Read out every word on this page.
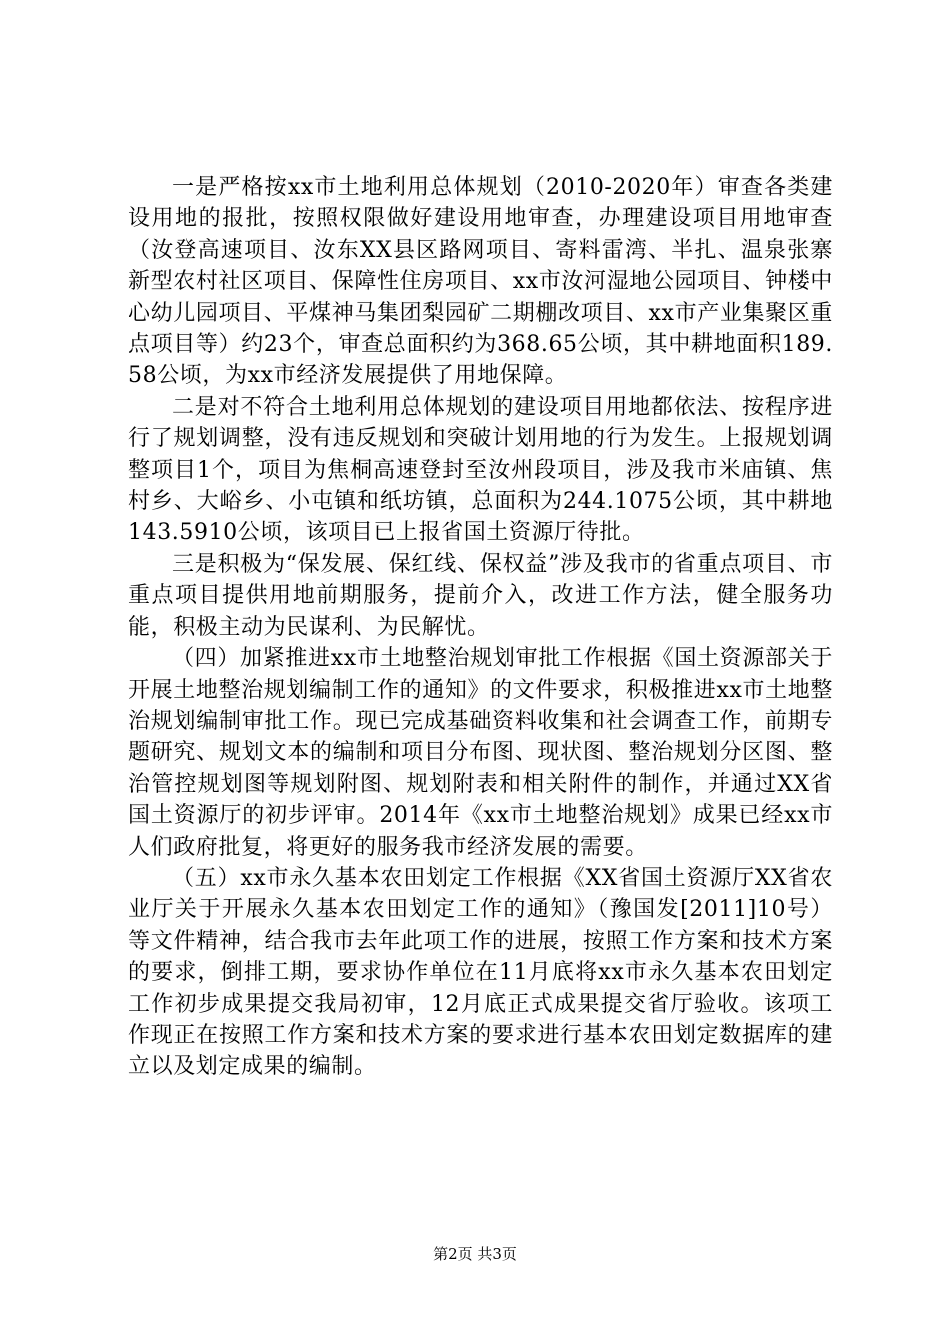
一是严格按xx市土地利用总体规划（2010-2020年）审查各类建设用地的报批，按照权限做好建设用地审查，办理建设项目用地审查（汝登高速项目、汝东XX县区路网项目、寄料雷湾、半扎、温泉张寨新型农村社区项目、保障性住房项目、xx市汝河湿地公园项目、钟楼中心幼儿园项目、平煤神马集团梨园矿二期棚改项目、xx市产业集聚区重点项目等）约23个，审查总面积约为368.65公顷，其中耕地面积189.58公顷，为xx市经济发展提供了用地保障。

二是对不符合土地利用总体规划的建设项目用地都依法、按程序进行了规划调整，没有违反规划和突破计划用地的行为发生。上报规划调整项目1个，项目为焦桐高速登封至汝州段项目，涉及我市米庙镇、焦村乡、大峪乡、小屯镇和纸坊镇，总面积为244.1075公顷，其中耕地143.5910公顷，该项目已上报省国土资源厅待批。

三是积极为“保发展、保红线、保权益”涉及我市的省重点项目、市重点项目提供用地前期服务，提前介入，改进工作方法，健全服务功能，积极主动为民谋利、为民解忧。

（四）加紧推进xx市土地整治规划审批工作根据《国土资源部关于开展土地整治规划编制工作的通知》的文件要求，积极推进xx市土地整治规划编制审批工作。现已完成基础资料收集和社会调查工作，前期专题研究、规划文本的编制和项目分布图、现状图、整治规划分区图、整治管控规划图等规划附图、规划附表和相关附件的制作，并通过XX省国土资源厅的初步评审。2014年《xx市土地整治规划》成果已经xx市人们政府批复，将更好的服务我市经济发展的需要。

（五）xx市永久基本农田划定工作根据《XX省国土资源厅XX省农业厅关于开展永久基本农田划定工作的通知》（豫国发[2011]10号）等文件精神，结合我市去年此项工作的进展，按照工作方案和技术方案的要求，倒排工期，要求协作单位在11月底将xx市永久基本农田划定工作初步成果提交我局初审，12月底正式成果提交省厅验收。该项工作现正在按照工作方案和技术方案的要求进行基本农田划定数据库的建立以及划定成果的编制。

第2页 共3页
